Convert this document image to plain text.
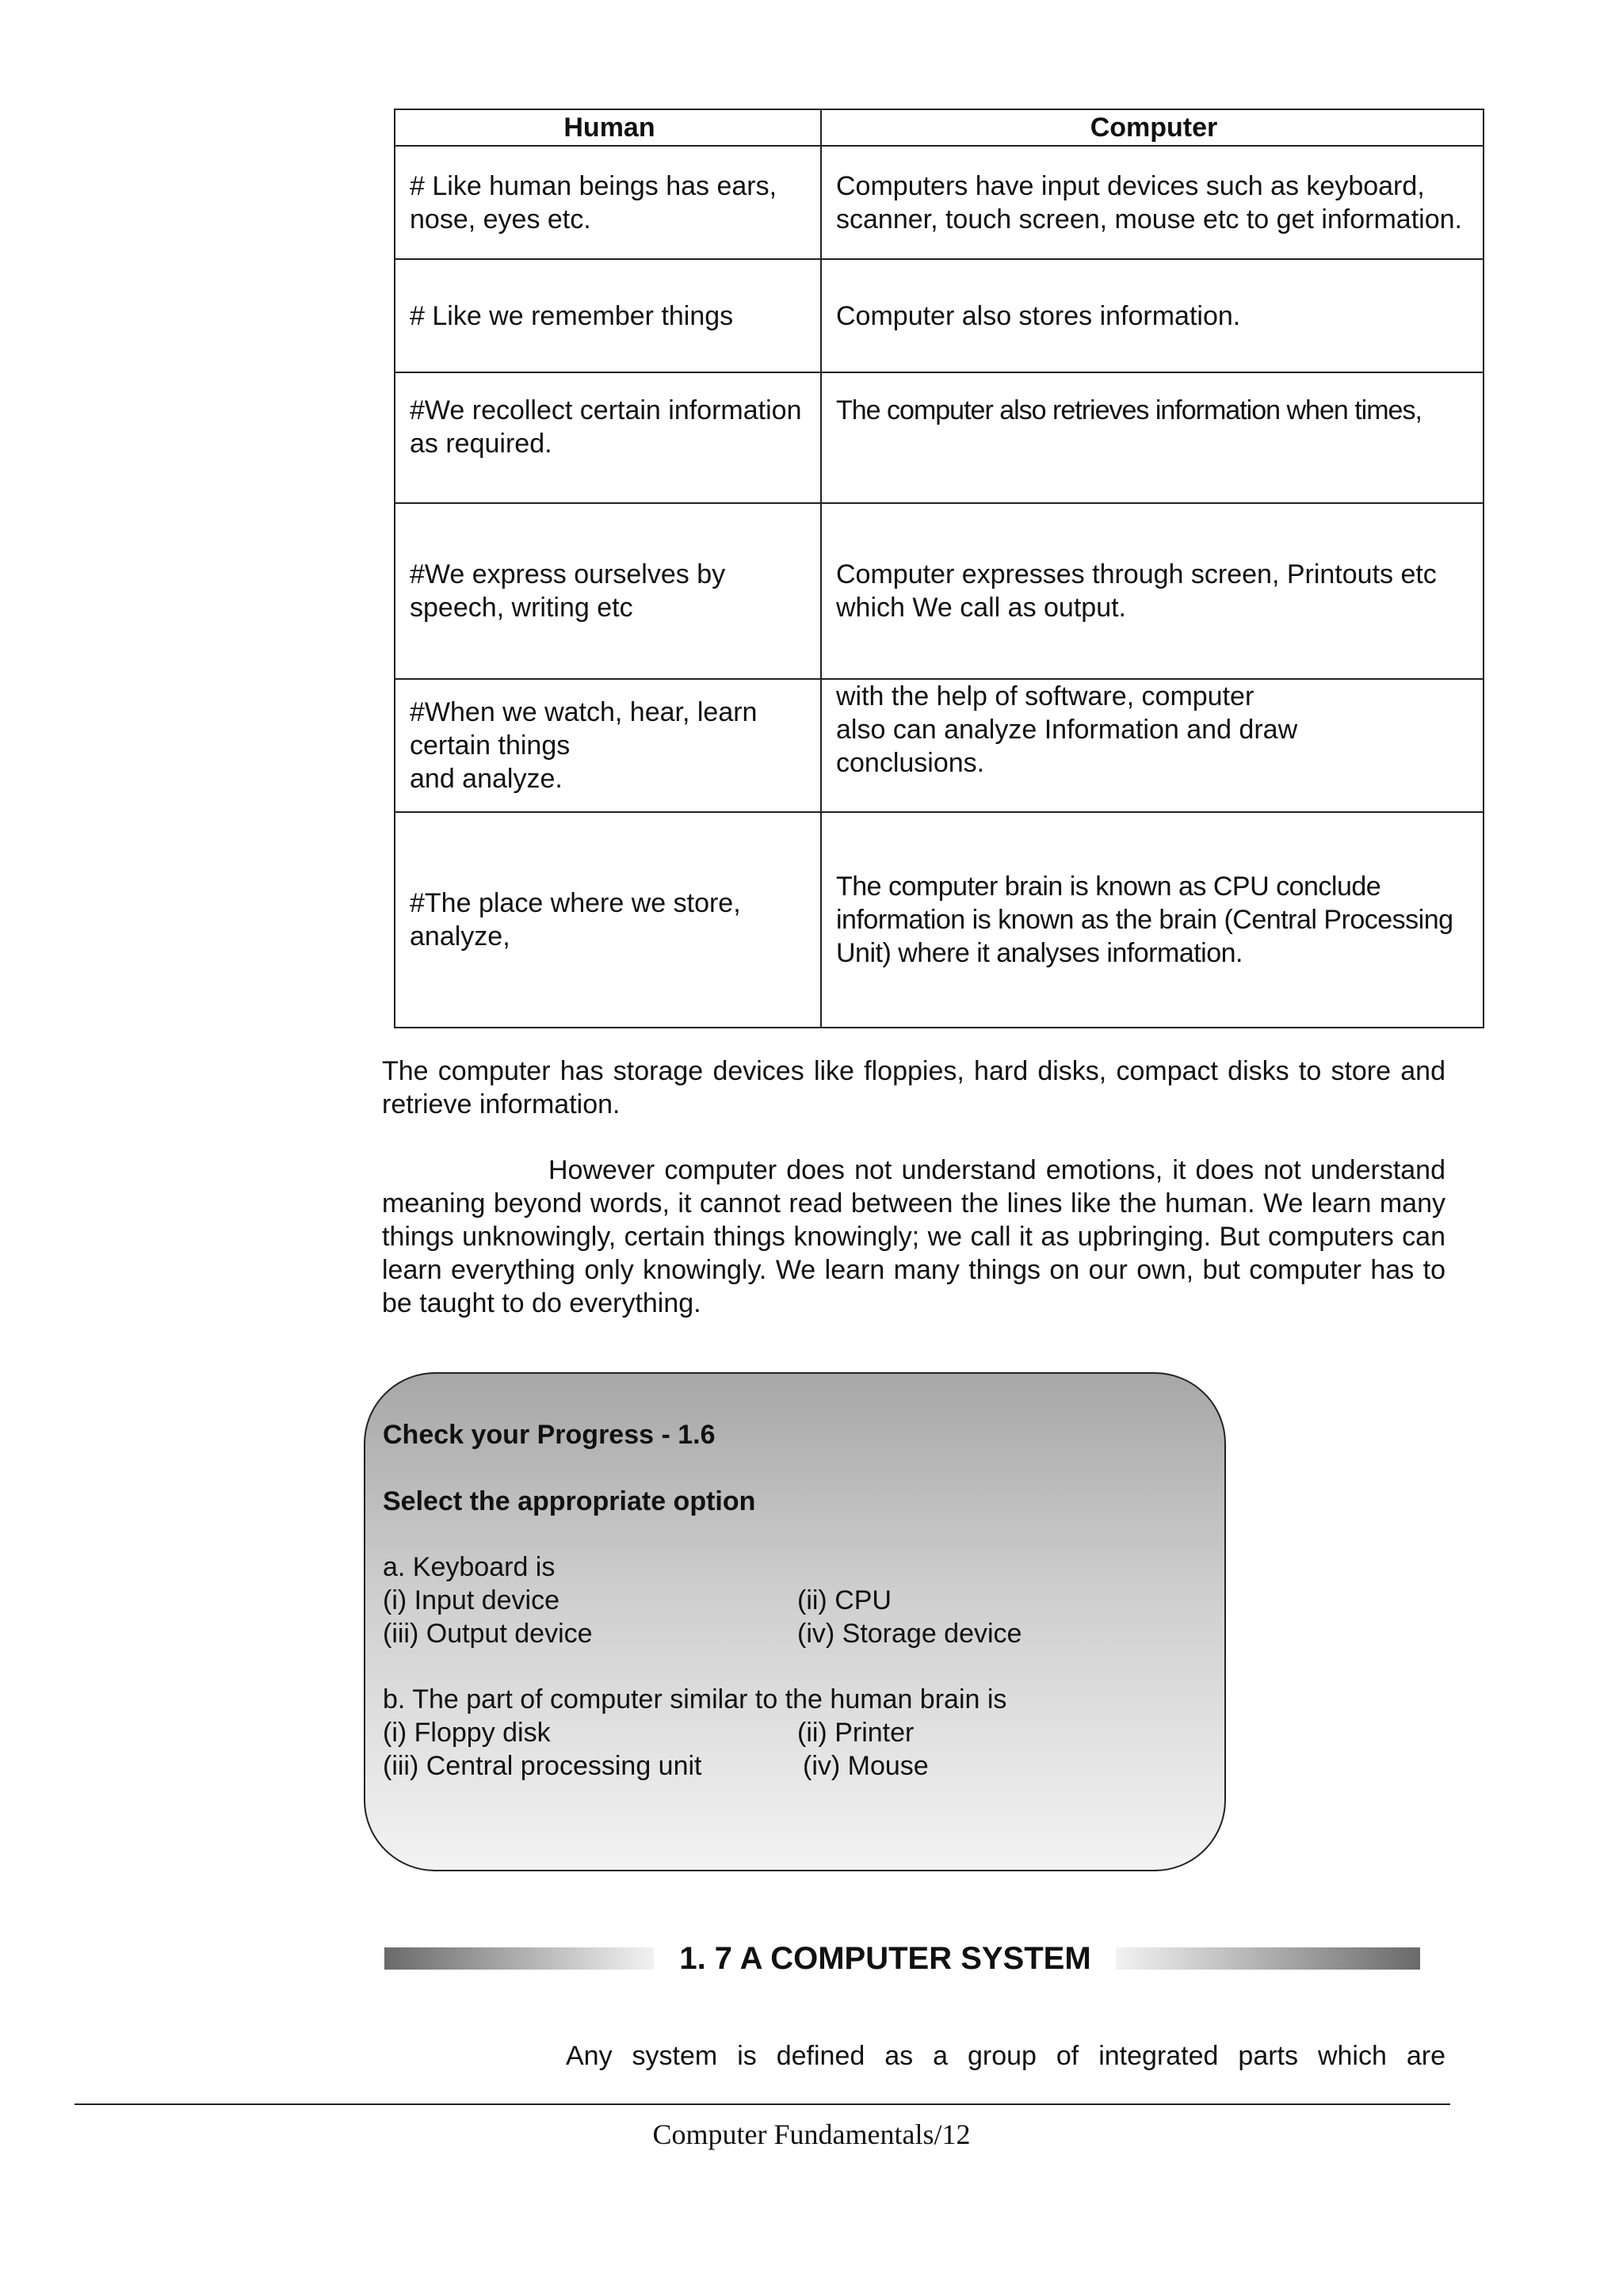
Human	Computer

# Like human beings has ears,
nose, eyes etc.	Computers have input devices such as keyboard,
scanner, touch screen, mouse etc to get information.

# Like we remember things	Computer also stores information.

#We recollect certain information
as required.	The computer also retrieves information when times,

#We express ourselves by
speech, writing etc	Computer expresses through screen, Printouts etc
which We call as output.

#When we watch, hear, learn
certain things
and analyze.	with the help of software, computer
also can analyze Information and draw
conclusions.

#The place where we store,
analyze,	The computer brain is known as CPU conclude
information is known as the brain (Central Processing
Unit) where it analyses information.
The computer has storage devices like floppies, hard disks, compact disks to store and retrieve information.
However computer does not understand emotions, it does not understand meaning beyond words, it cannot read between the lines like the human. We learn many things unknowingly, certain things knowingly; we call it as upbringing. But computers can learn everything only knowingly. We learn many things on our own, but computer has to be taught to do everything.
Check your Progress - 1.6
Select the appropriate option
a. Keyboard is
(i) Input device	(ii) CPU
(iii) Output device	(iv) Storage device
b. The part of computer similar to the human brain is
(i) Floppy disk	(ii) Printer
(iii) Central processing unit	(iv) Mouse
1. 7 A COMPUTER SYSTEM
Any system is defined as a group of integrated parts which are
Computer Fundamentals/12
